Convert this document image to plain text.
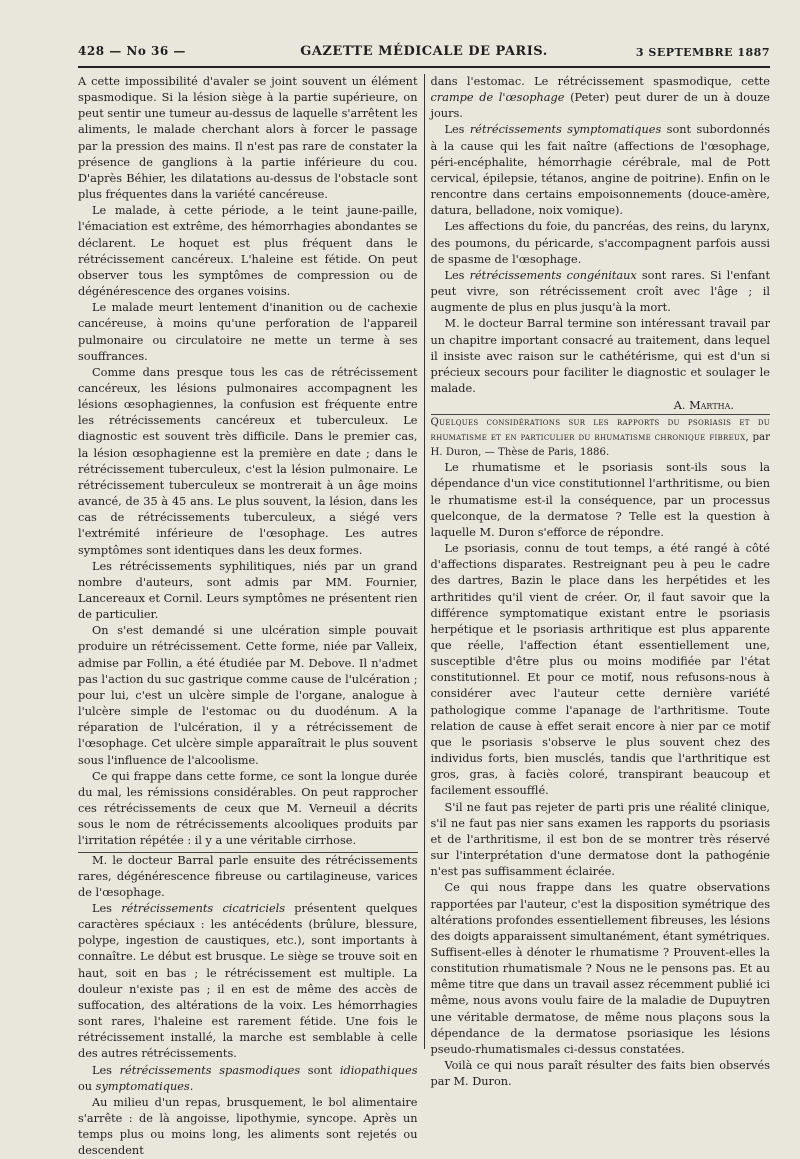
428 — No 36 —	GAZETTE MÉDICALE DE PARIS.	3 SEPTEMBRE 1887

A cette impossibilité d'avaler se joint souvent un élément spasmodique. Si la lésion siège à la partie supérieure, on peut sentir une tumeur au-dessus de laquelle s'arrêtent les aliments, le malade cherchant alors à forcer le passage par la pression des mains. Il n'est pas rare de constater la présence de ganglions à la partie inférieure du cou. D'après Béhier, les dilatations au-dessus de l'obstacle sont plus fréquentes dans la variété cancéreuse.

Le malade, à cette période, a le teint jaune-paille, l'émaciation est extrême, des hémorrhagies abondantes se déclarent. Le hoquet est plus fréquent dans le rétrécissement cancéreux. L'haleine est fétide. On peut observer tous les symptômes de compression ou de dégénérescence des organes voisins.

Le malade meurt lentement d'inanition ou de cachexie cancéreuse, à moins qu'une perforation de l'appareil pulmonaire ou circulatoire ne mette un terme à ses souffrances.

Comme dans presque tous les cas de rétrécissement cancéreux, les lésions pulmonaires accompagnent les lésions œsophagiennes, la confusion est fréquente entre les rétrécissements cancéreux et tuberculeux. Le diagnostic est souvent très difficile. Dans le premier cas, la lésion œsophagienne est la première en date ; dans le rétrécissement tuberculeux, c'est la lésion pulmonaire. Le rétrécissement tuberculeux se montrerait à un âge moins avancé, de 35 à 45 ans. Le plus souvent, la lésion, dans les cas de rétrécissements tuberculeux, a siégé vers l'extrémité inférieure de l'œsophage. Les autres symptômes sont identiques dans les deux formes.

Les rétrécissements syphilitiques, niés par un grand nombre d'auteurs, sont admis par MM. Fournier, Lancereaux et Cornil. Leurs symptômes ne présentent rien de particulier.

On s'est demandé si une ulcération simple pouvait produire un rétrécissement. Cette forme, niée par Valleix, admise par Follin, a été étudiée par M. Debove. Il n'admet pas l'action du suc gastrique comme cause de l'ulcération ; pour lui, c'est un ulcère simple de l'organe, analogue à l'ulcère simple de l'estomac ou du duodénum. A la réparation de l'ulcération, il y a rétrécissement de l'œsophage. Cet ulcère simple apparaîtrait le plus souvent sous l'influence de l'alcoolisme.

Ce qui frappe dans cette forme, ce sont la longue durée du mal, les rémissions considérables. On peut rapprocher ces rétrécissements de ceux que M. Verneuil a décrits sous le nom de rétrécissements alcooliques produits par l'irritation répétée : il y a une véritable cirrhose.

M. le docteur Barral parle ensuite des rétrécissements rares, dégénérescence fibreuse ou cartilagineuse, varices de l'œsophage.

Les rétrécissements cicatriciels présentent quelques caractères spéciaux : les antécédents (brûlure, blessure, polype, ingestion de caustiques, etc.), sont importants à connaître. Le début est brusque. Le siège se trouve soit en haut, soit en bas ; le rétrécissement est multiple. La douleur n'existe pas ; il en est de même des accès de suffocation, des altérations de la voix. Les hémorrhagies sont rares, l'haleine est rarement fétide. Une fois le rétrécissement installé, la marche est semblable à celle des autres rétrécissements.

Les rétrécissements spasmodiques sont idiopathiques ou symptomatiques.

Au milieu d'un repas, brusquement, le bol alimentaire s'arrête : de là angoisse, lipothymie, syncope. Après un temps plus ou moins long, les aliments sont rejetés ou descendent

dans l'estomac. Le rétrécissement spasmodique, cette crampe de l'œsophage (Peter) peut durer de un à douze jours.

Les rétrécissements symptomatiques sont subordonnés à la cause qui les fait naître (affections de l'œsophage, péri-encéphalite, hémorrhagie cérébrale, mal de Pott cervical, épilepsie, tétanos, angine de poitrine). Enfin on le rencontre dans certains empoisonnements (douce-amère, datura, belladone, noix vomique).

Les affections du foie, du pancréas, des reins, du larynx, des poumons, du péricarde, s'accompagnent parfois aussi de spasme de l'œsophage.

Les rétrécissements congénitaux sont rares. Si l'enfant peut vivre, son rétrécissement croît avec l'âge ; il augmente de plus en plus jusqu'à la mort.

M. le docteur Barral termine son intéressant travail par un chapitre important consacré au traitement, dans lequel il insiste avec raison sur le cathétérisme, qui est d'un si précieux secours pour faciliter le diagnostic et soulager le malade.

A. Martha.

Quelques considérations sur les rapports du psoriasis et du rhumatisme et en particulier du rhumatisme chronique fibreux, par H. Duron, — Thèse de Paris, 1886.

Le rhumatisme et le psoriasis sont-ils sous la dépendance d'un vice constitutionnel l'arthritisme, ou bien le rhumatisme est-il la conséquence, par un processus quelconque, de la dermatose ? Telle est la question à laquelle M. Duron s'efforce de répondre.

Le psoriasis, connu de tout temps, a été rangé à côté d'affections disparates. Restreignant peu à peu le cadre des dartres, Bazin le place dans les herpétides et les arthritides qu'il vient de créer. Or, il faut savoir que la différence symptomatique existant entre le psoriasis herpétique et le psoriasis arthritique est plus apparente que réelle, l'affection étant essentiellement une, susceptible d'être plus ou moins modifiée par l'état constitutionnel. Et pour ce motif, nous refusons-nous à considérer avec l'auteur cette dernière variété pathologique comme l'apanage de l'arthritisme. Toute relation de cause à effet serait encore à nier par ce motif que le psoriasis s'observe le plus souvent chez des individus forts, bien musclés, tandis que l'arthritique est gros, gras, à faciès coloré, transpirant beaucoup et facilement essoufflé.

S'il ne faut pas rejeter de parti pris une réalité clinique, s'il ne faut pas nier sans examen les rapports du psoriasis et de l'arthritisme, il est bon de se montrer très réservé sur l'interprétation d'une dermatose dont la pathogénie n'est pas suffisamment éclairée.

Ce qui nous frappe dans les quatre observations rapportées par l'auteur, c'est la disposition symétrique des altérations profondes essentiellement fibreuses, les lésions des doigts apparaissent simultanément, étant symétriques. Suffisent-elles à dénoter le rhumatisme ? Prouvent-elles la constitution rhumatismale ? Nous ne le pensons pas. Et au même titre que dans un travail assez récemment publié ici même, nous avons voulu faire de la maladie de Dupuytren une véritable dermatose, de même nous plaçons sous la dépendance de la dermatose psoriasique les lésions pseudo-rhumatismales ci-dessus constatées.

Voilà ce qui nous paraît résulter des faits bien observés par M. Duron.
